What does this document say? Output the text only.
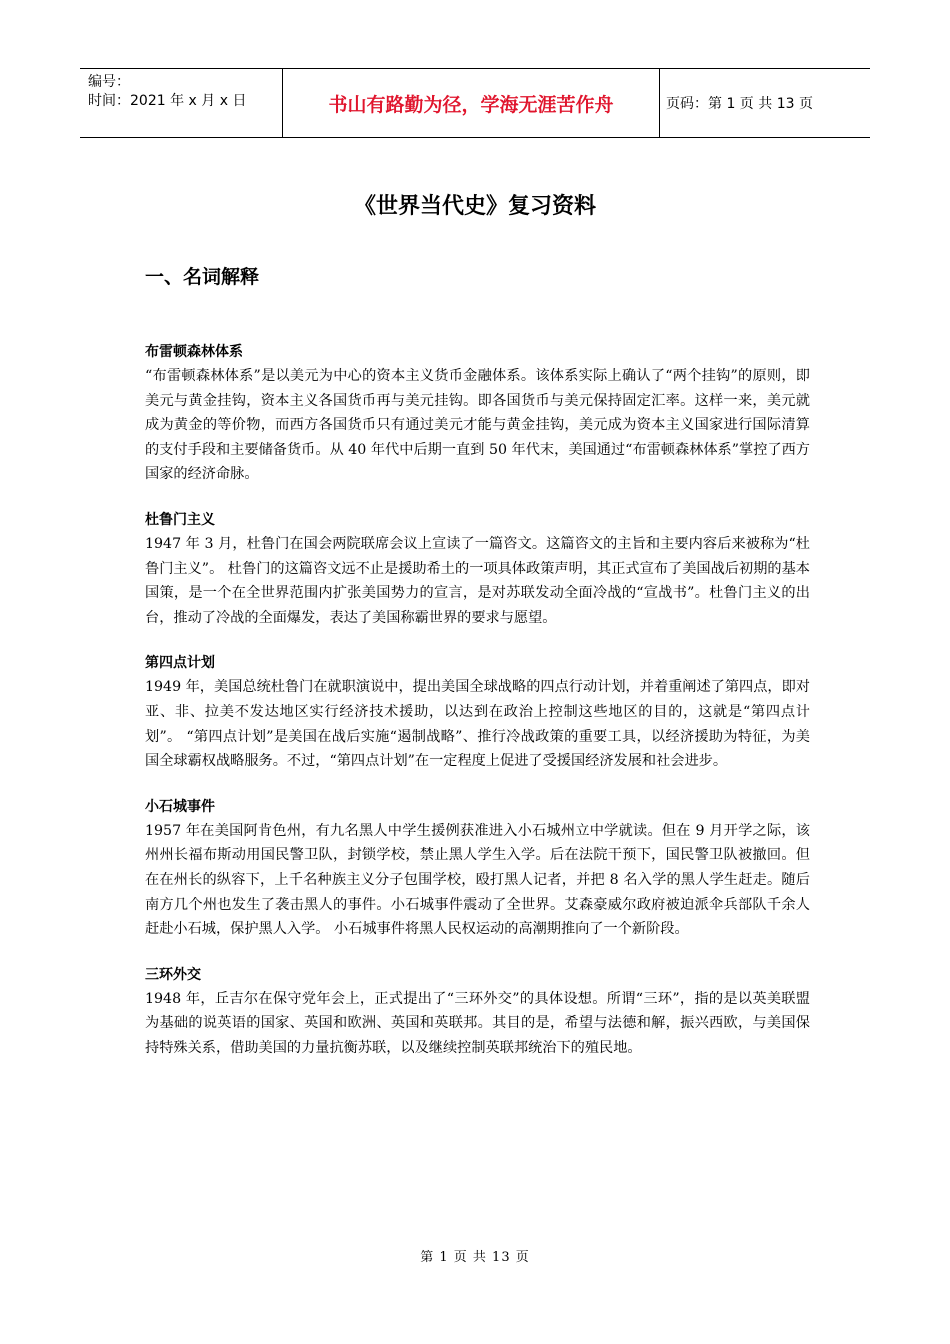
编号：
时间：2021 年 x 月 x 日	书山有路勤为径，学海无涯苦作舟	页码：第 1 页 共 13 页
《世界当代史》复习资料
一、名词解释
布雷顿森林体系
“布雷顿森林体系”是以美元为中心的资本主义货币金融体系。该体系实际上确认了“两个挂钩”的原则，即美元与黄金挂钩，资本主义各国货币再与美元挂钩。即各国货币与美元保持固定汇率。这样一来，美元就成为黄金的等价物，而西方各国货币只有通过美元才能与黄金挂钩，美元成为资本主义国家进行国际清算的支付手段和主要储备货币。从 40 年代中后期一直到 50 年代末，美国通过“布雷顿森林体系”掌控了西方国家的经济命脉。
杜鲁门主义
1947 年 3 月，杜鲁门在国会两院联席会议上宣读了一篇咨文。这篇咨文的主旨和主要内容后来被称为“杜鲁门主义”。 杜鲁门的这篇咨文远不止是援助希土的一项具体政策声明，其正式宣布了美国战后初期的基本国策，是一个在全世界范围内扩张美国势力的宣言，是对苏联发动全面冷战的“宣战书”。杜鲁门主义的出台，推动了冷战的全面爆发，表达了美国称霸世界的要求与愿望。
第四点计划
1949 年，美国总统杜鲁门在就职演说中，提出美国全球战略的四点行动计划，并着重阐述了第四点，即对亚、非、拉美不发达地区实行经济技术援助，以达到在政治上控制这些地区的目的，这就是“第四点计划”。 “第四点计划”是美国在战后实施“遏制战略”、推行冷战政策的重要工具，以经济援助为特征，为美国全球霸权战略服务。不过，“第四点计划”在一定程度上促进了受援国经济发展和社会进步。
小石城事件
1957 年在美国阿肯色州，有九名黑人中学生援例获准进入小石城州立中学就读。但在 9 月开学之际，该州州长福布斯动用国民警卫队，封锁学校，禁止黑人学生入学。后在法院干预下，国民警卫队被撤回。但在在州长的纵容下，上千名种族主义分子包围学校，殴打黑人记者，并把 8 名入学的黑人学生赶走。随后南方几个州也发生了袭击黑人的事件。小石城事件震动了全世界。艾森豪威尔政府被迫派伞兵部队千余人赶赴小石城，保护黑人入学。 小石城事件将黑人民权运动的高潮期推向了一个新阶段。
三环外交
1948 年，丘吉尔在保守党年会上，正式提出了“三环外交”的具体设想。所谓“三环”，指的是以英美联盟为基础的说英语的国家、英国和欧洲、英国和英联邦。其目的是，希望与法德和解，振兴西欧，与美国保持特殊关系，借助美国的力量抗衡苏联，以及继续控制英联邦统治下的殖民地。
第 1 页 共 13 页
